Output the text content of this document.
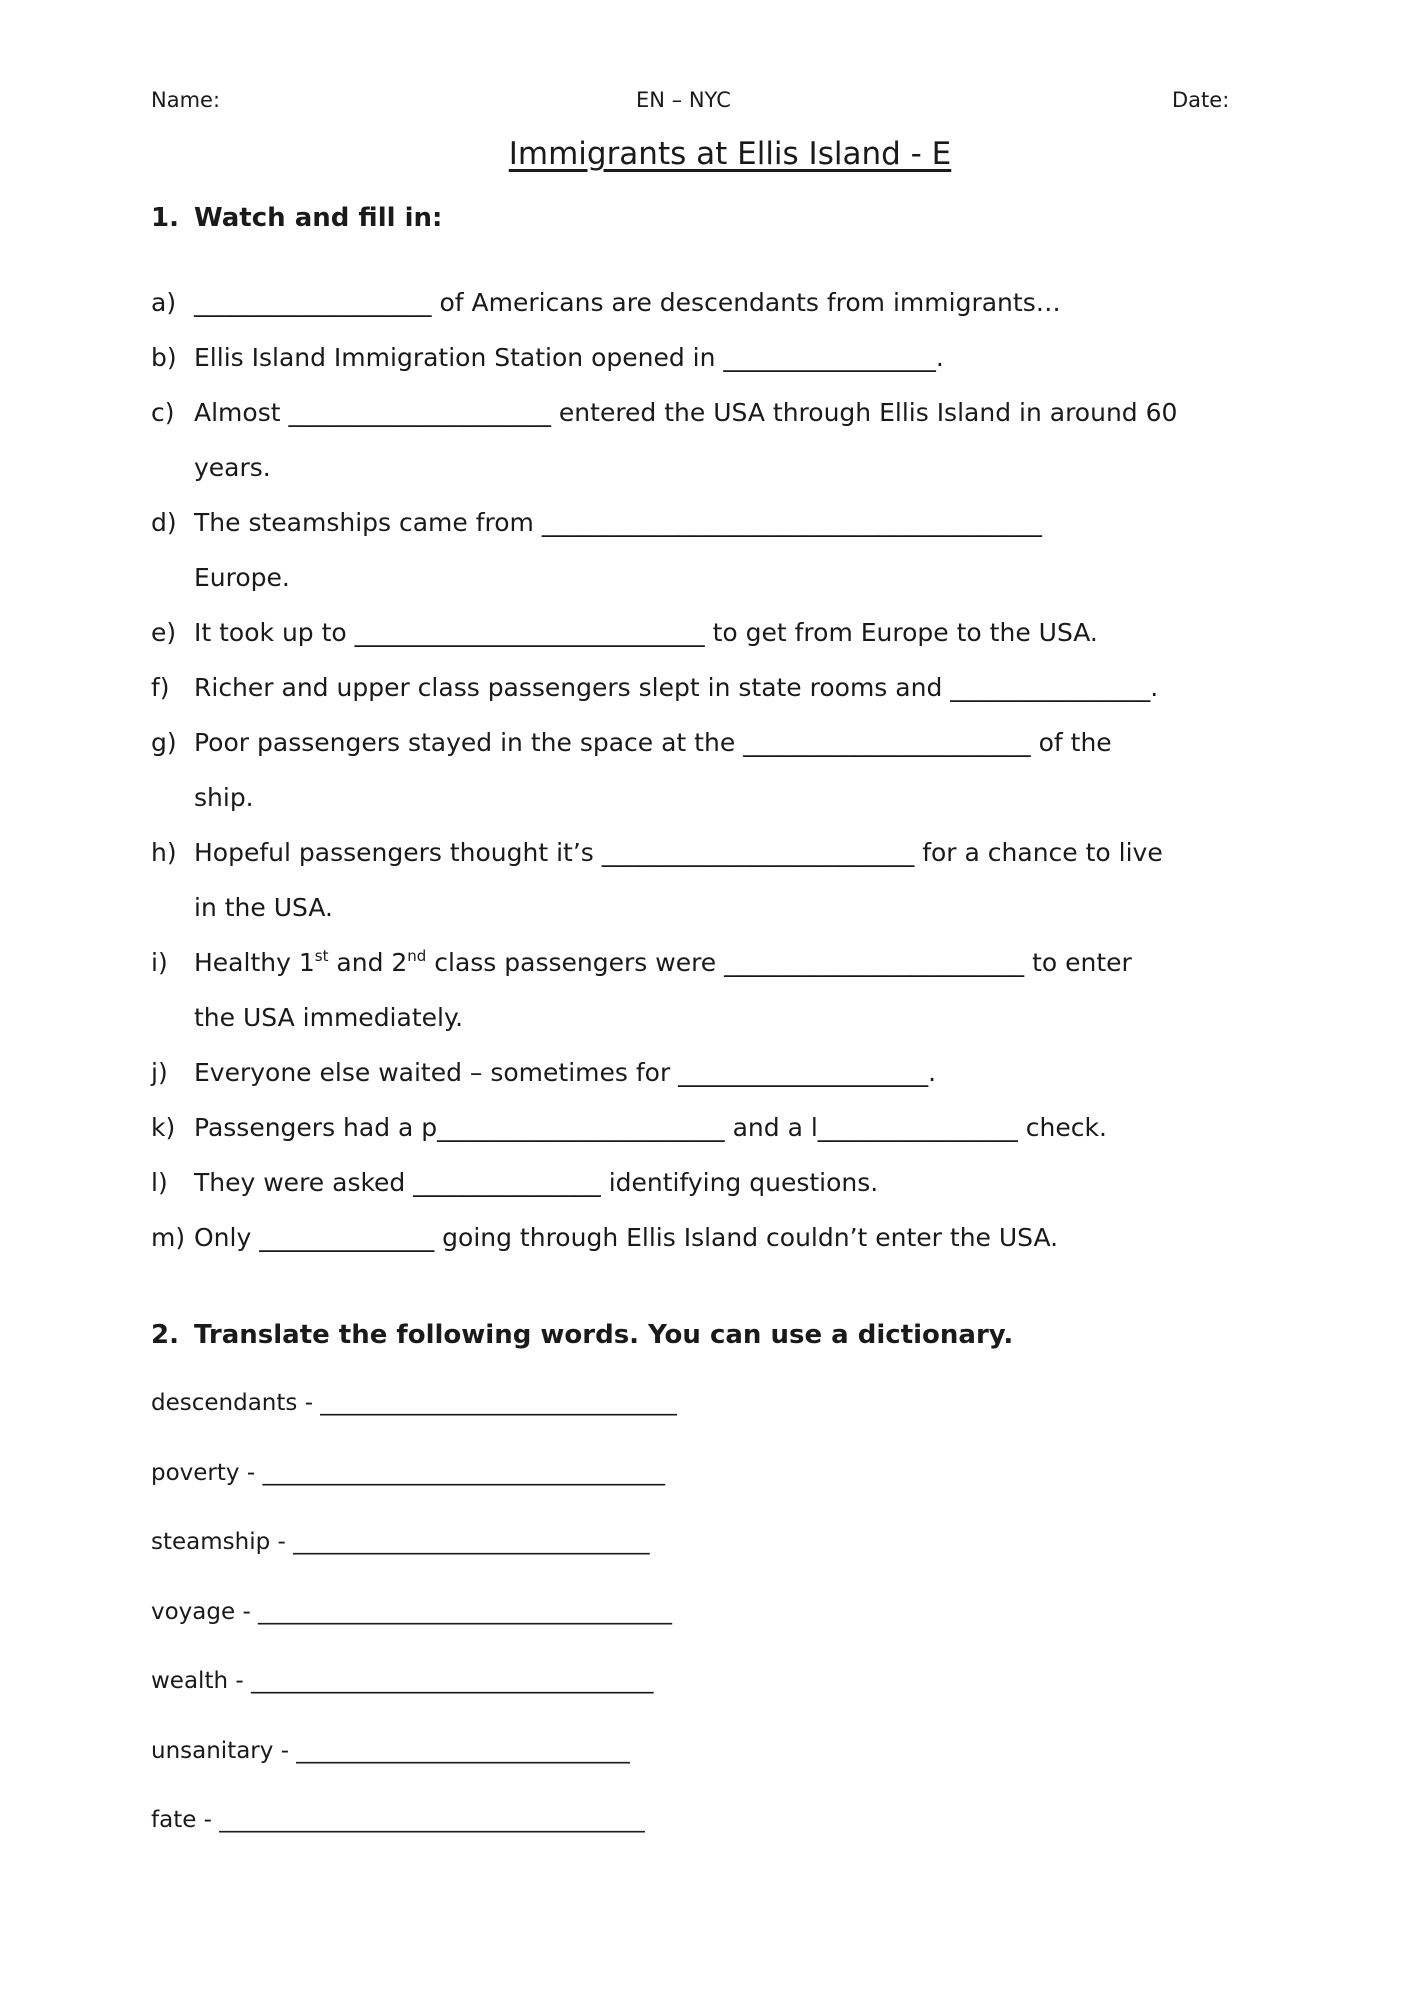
Name:	EN – NYC	Date:
Immigrants at Ellis Island - E
1. Watch and fill in:
a) ___________________ of Americans are descendants from immigrants…
b) Ellis Island Immigration Station opened in _________________.
c) Almost _____________________ entered the USA through Ellis Island in around 60
years.
d) The steamships came from ________________________________________
Europe.
e) It took up to ____________________________ to get from Europe to the USA.
f) Richer and upper class passengers slept in state rooms and ________________.
g) Poor passengers stayed in the space at the _______________________ of the
ship.
h) Hopeful passengers thought it’s _________________________ for a chance to live
in the USA.
i) Healthy 1st and 2nd class passengers were ________________________ to enter
the USA immediately.
j) Everyone else waited – sometimes for ____________________.
k) Passengers had a p_______________________ and a l________________ check.
l) They were asked _______________ identifying questions.
m) Only ______________ going through Ellis Island couldn’t enter the USA.
2. Translate the following words. You can use a dictionary.
descendants - _______________________________
poverty - ___________________________________
steamship - _______________________________
voyage - ____________________________________
wealth - ___________________________________
unsanitary - _____________________________
fate - _____________________________________
